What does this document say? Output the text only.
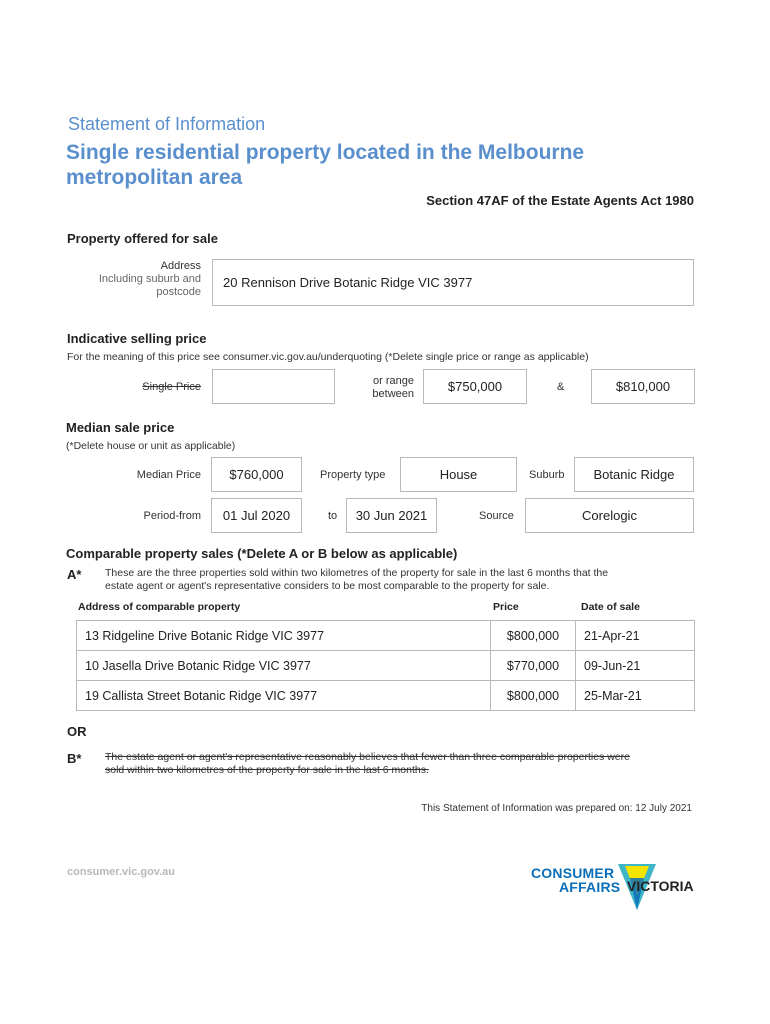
Statement of Information
Single residential property located in the Melbourne
metropolitan area
Section 47AF of the Estate Agents Act 1980
Property offered for sale
Address
Including suburb and
postcode
20 Rennison Drive Botanic Ridge VIC 3977
Indicative selling price
For the meaning of this price see consumer.vic.gov.au/underquoting (*Delete single price or range as applicable)
Single Price	or range
between	$750,000	&	$810,000
Median sale price
(*Delete house or unit as applicable)
Median Price $760,000	Property type	House	Suburb Botanic Ridge
Period-from 01 Jul 2020	to 30 Jun 2021	Source	Corelogic
Comparable property sales (*Delete A or B below as applicable)
A* These are the three properties sold within two kilometres of the property for sale in the last 6 months that the
estate agent or agent's representative considers to be most comparable to the property for sale.
Address of comparable property	Price	Date of sale
13 Ridgeline Drive Botanic Ridge VIC 3977	$800,000	21-Apr-21
10 Jasella Drive Botanic Ridge VIC 3977	$770,000	09-Jun-21
19 Callista Street Botanic Ridge VIC 3977	$800,000	25-Mar-21
OR
B* The estate agent or agent's representative reasonably believes that fewer than three comparable properties were
sold within two kilometres of the property for sale in the last 6 months.
This Statement of Information was prepared on: 12 July 2021
consumer.vic.gov.au	CONSUMER
AFFAIRS VICTORIA
